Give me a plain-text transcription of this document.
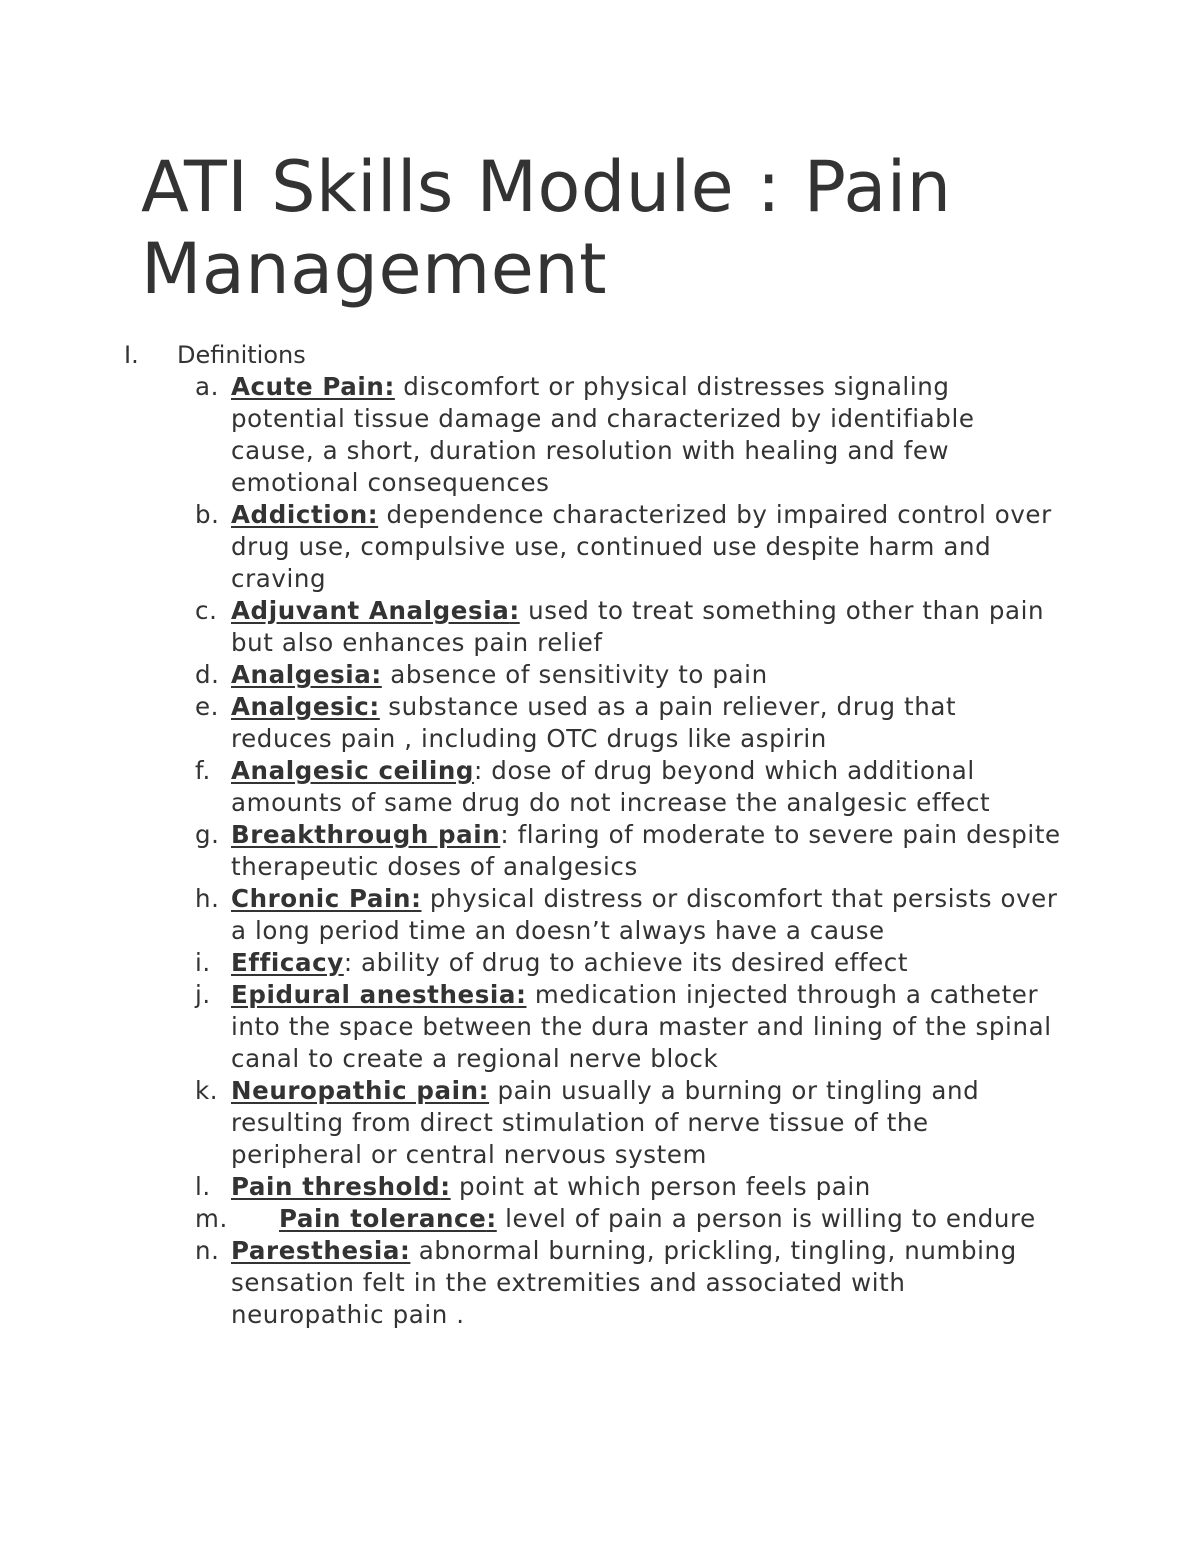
ATI Skills Module : Pain Management
I. Definitions
a. Acute Pain: discomfort or physical distresses signaling potential tissue damage and characterized by identifiable cause, a short, duration resolution with healing and few emotional consequences
b. Addiction: dependence characterized by impaired control over drug use, compulsive use, continued use despite harm and craving
c. Adjuvant Analgesia: used to treat something other than pain but also enhances pain relief
d. Analgesia: absence of sensitivity to pain
e. Analgesic: substance used as a pain reliever, drug that reduces pain , including OTC drugs like aspirin
f. Analgesic ceiling: dose of drug beyond which additional amounts of same drug do not increase the analgesic effect
g. Breakthrough pain: flaring of moderate to severe pain despite therapeutic doses of analgesics
h. Chronic Pain: physical distress or discomfort that persists over a long period time an doesn’t always have a cause
i. Efficacy: ability of drug to achieve its desired effect
j. Epidural anesthesia: medication injected through a catheter into the space between the dura master and lining of the spinal canal to create a regional nerve block
k. Neuropathic pain: pain usually a burning or tingling and resulting from direct stimulation of nerve tissue of the peripheral or central nervous system
l. Pain threshold: point at which person feels pain
m. Pain tolerance: level of pain a person is willing to endure
n. Paresthesia: abnormal burning, prickling, tingling, numbing sensation felt in the extremities and associated with neuropathic pain .
